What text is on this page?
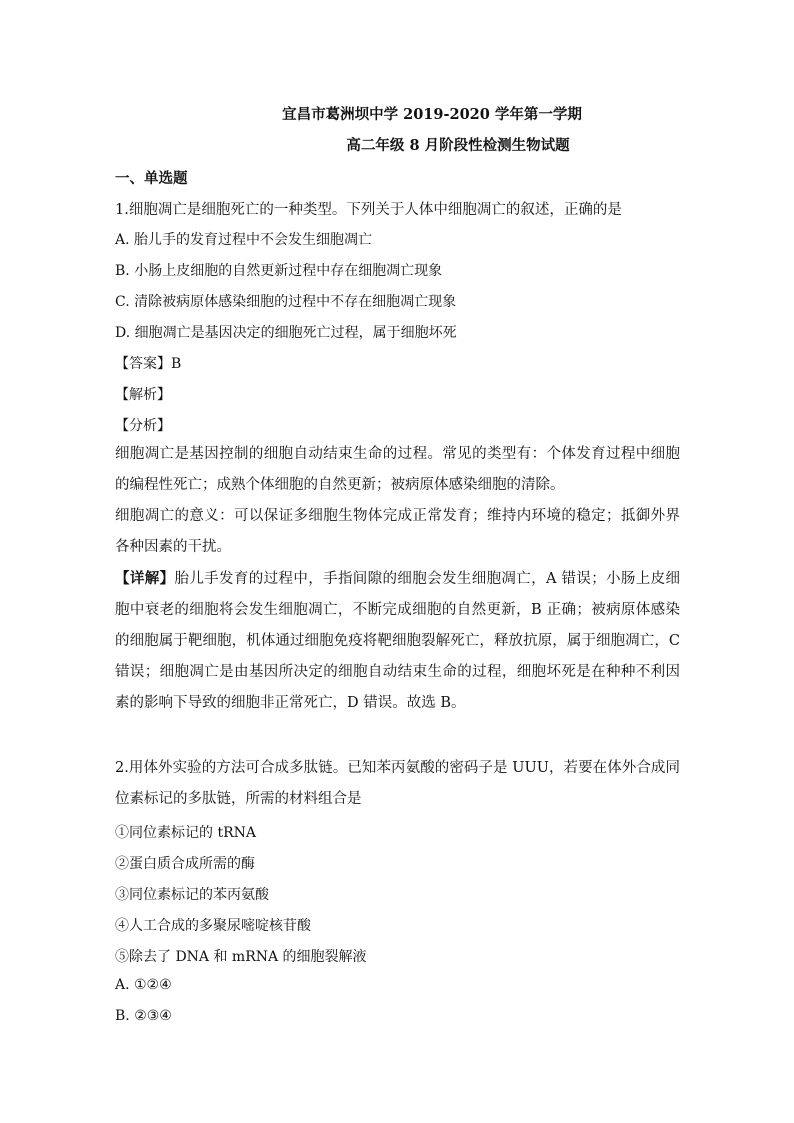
宜昌市葛洲坝中学 2019-2020 学年第一学期
高二年级 8 月阶段性检测生物试题
一、单选题
1.细胞凋亡是细胞死亡的一种类型。下列关于人体中细胞凋亡的叙述，正确的是
A. 胎儿手的发育过程中不会发生细胞凋亡
B. 小肠上皮细胞的自然更新过程中存在细胞凋亡现象
C. 清除被病原体感染细胞的过程中不存在细胞凋亡现象
D. 细胞凋亡是基因决定的细胞死亡过程，属于细胞坏死
【答案】B
【解析】
【分析】
细胞凋亡是基因控制的细胞自动结束生命的过程。常见的类型有：个体发育过程中细胞的编程性死亡；成熟个体细胞的自然更新；被病原体感染细胞的清除。
细胞凋亡的意义：可以保证多细胞生物体完成正常发育；维持内环境的稳定；抵御外界各种因素的干扰。
【详解】胎儿手发育的过程中，手指间隙的细胞会发生细胞凋亡，A 错误；小肠上皮细胞中衰老的细胞将会发生细胞凋亡，不断完成细胞的自然更新，B 正确；被病原体感染的细胞属于靶细胞，机体通过细胞免疫将靶细胞裂解死亡，释放抗原，属于细胞凋亡，C 错误；细胞凋亡是由基因所决定的细胞自动结束生命的过程，细胞坏死是在种种不利因素的影响下导致的细胞非正常死亡，D 错误。故选 B。
2.用体外实验的方法可合成多肽链。已知苯丙氨酸的密码子是 UUU，若要在体外合成同位素标记的多肽链，所需的材料组合是
①同位素标记的 tRNA
②蛋白质合成所需的酶
③同位素标记的苯丙氨酸
④人工合成的多聚尿嘧啶核苷酸
⑤除去了 DNA 和 mRNA 的细胞裂解液
A. ①②④
B. ②③④
